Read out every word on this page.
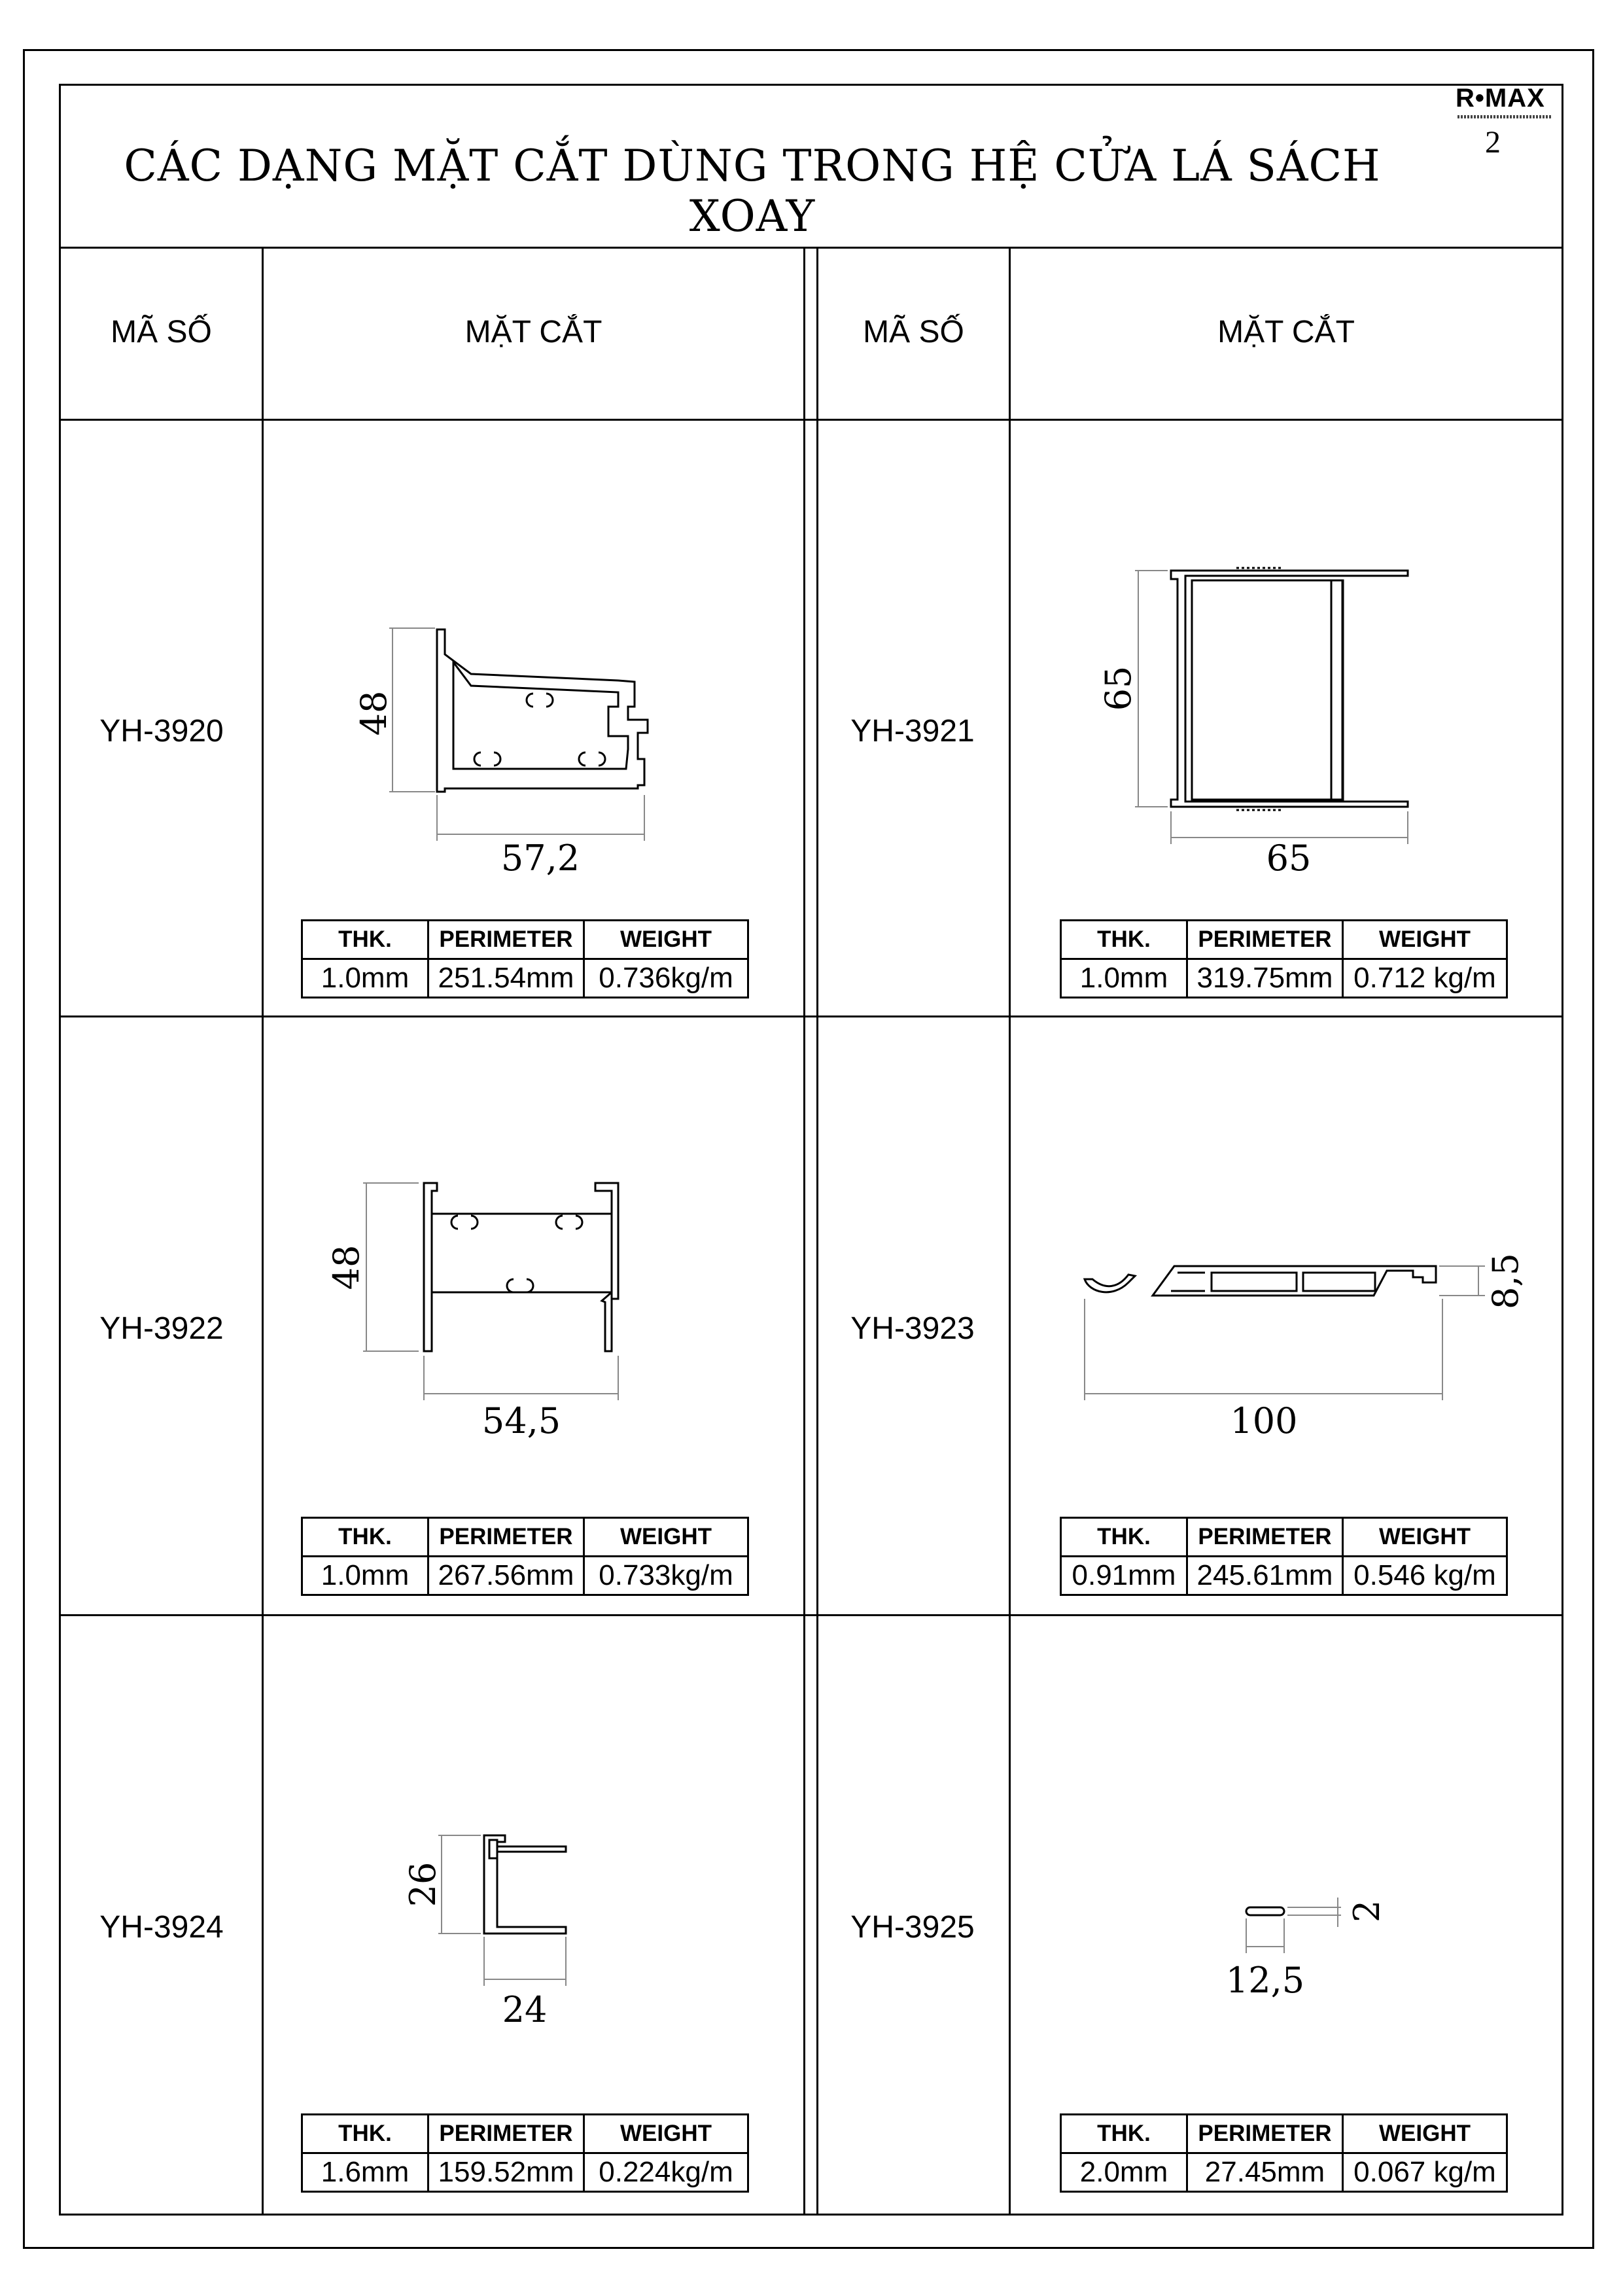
CÁC DẠNG MẶT CẮT DÙNG TRONG HỆ CỬA LÁ SÁCH XOAY
R•MAX
2
MÃ SỐ	MẶT CẮT	MÃ SỐ	MẶT CẮT
YH-3920	YH-3921
YH-3922	YH-3923
YH-3924	YH-3925
48
57,2
65
65
48
54,5
8,5
100
26
24
2
12,5
THK.	PERIMETER	WEIGHT
1.0mm	251.54mm	0.736kg/m
THK.	PERIMETER	WEIGHT
1.0mm	319.75mm	0.712 kg/m
THK.	PERIMETER	WEIGHT
1.0mm	267.56mm	0.733kg/m
THK.	PERIMETER	WEIGHT
0.91mm	245.61mm	0.546 kg/m
THK.	PERIMETER	WEIGHT
1.6mm	159.52mm	0.224kg/m
THK.	PERIMETER	WEIGHT
2.0mm	27.45mm	0.067 kg/m
